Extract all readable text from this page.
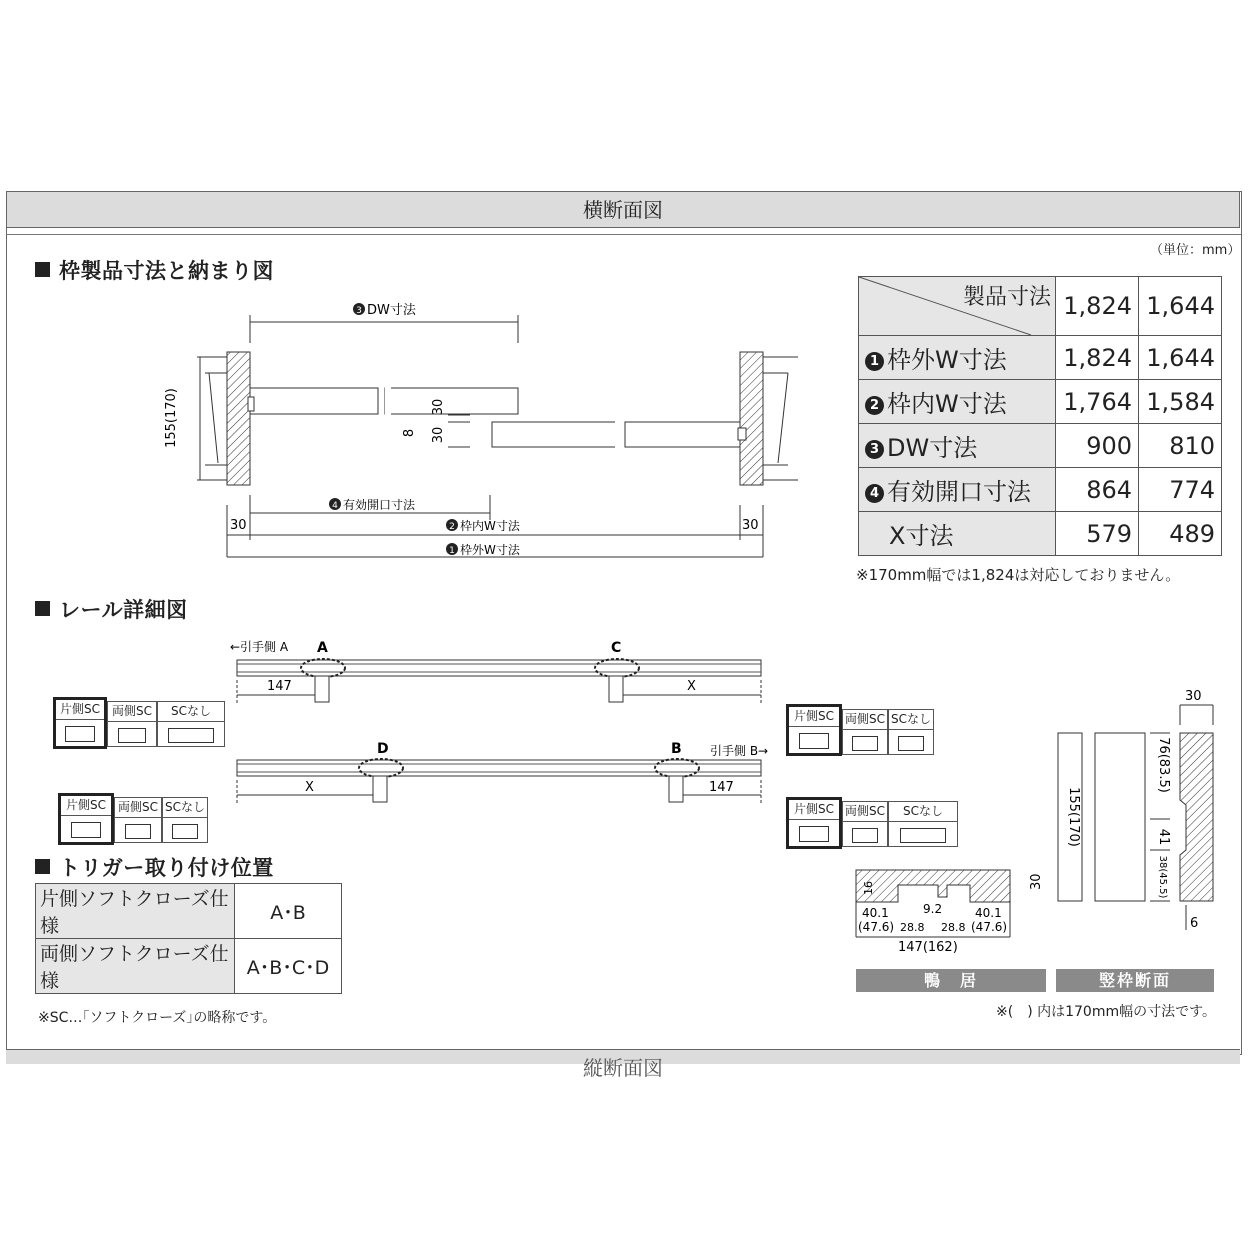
横断面図
縦断面図
（単位：mm）
枠製品寸法と納まり図
レール詳細図
トリガー取り付け位置
3 DW寸法
155(170)	30
30
8
4 有効開口寸法
30	30
2 枠内W寸法
1 枠外W寸法
製品寸法	1,824	1,644
1 枠外W寸法	1,824	1,644
2 枠内W寸法	1,764	1,584
3 DW寸法	900	810
4 有効開口寸法	864	774
X寸法	579	489
※170mm幅では1,824は対応しておりません。
←引手側 A A	C
147	X
D	B 引手側 B→
X	147
片側SC	両側SC	SCなし	片側SC 両側SC SCなし
片側SC	両側SC SCなし	片側SC 両側SC	SCなし
片側ソフトクローズ仕様	A･B
両側ソフトクローズ仕様	A･B･C･D
※SC…｢ソフトクローズ｣の略称です。
16	30
40.1
(47.6)
9.2
28.8 28.8
40.1
(47.6)
147(162)
鴨　居
30
155(170)
76(83.5)
41
38(45.5)
6
竪枠断面
※(　) 内は170mm幅の寸法です。
